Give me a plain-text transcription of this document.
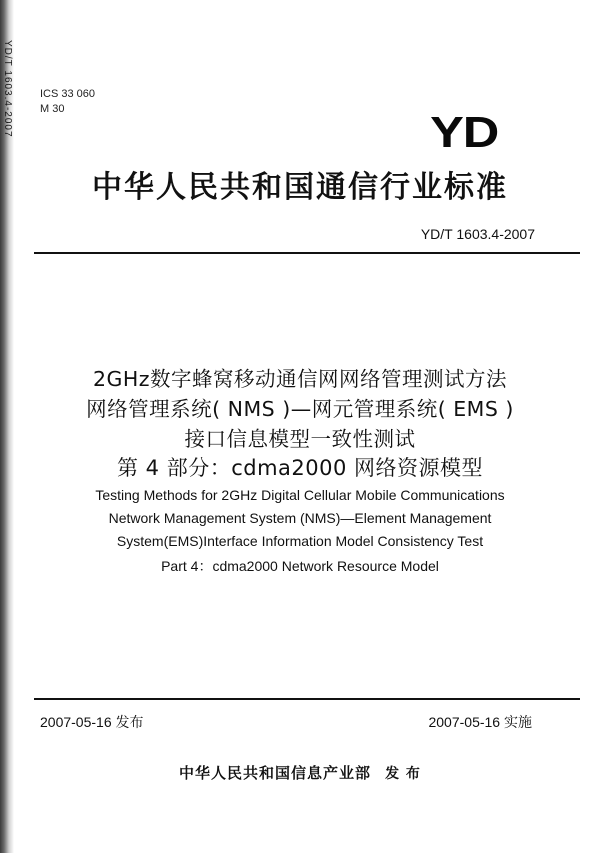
YD/T 1603.4-2007 ICS 33 060
M 30	YD
中华人民共和国通信行业标准
YD/T 1603.4-2007
2GHz数字蜂窝移动通信网网络管理测试方法
网络管理系统( NMS )—网元管理系统( EMS )
接口信息模型一致性测试
第 4 部分：cdma2000 网络资源模型
Testing Methods for 2GHz Digital Cellular Mobile Communications
Network Management System (NMS)—Element Management
System(EMS)Interface Information Model Consistency Test
Part 4：cdma2000 Network Resource Model
2007-05-16 发布	2007-05-16 实施
中华人民共和国信息产业部 发 布
